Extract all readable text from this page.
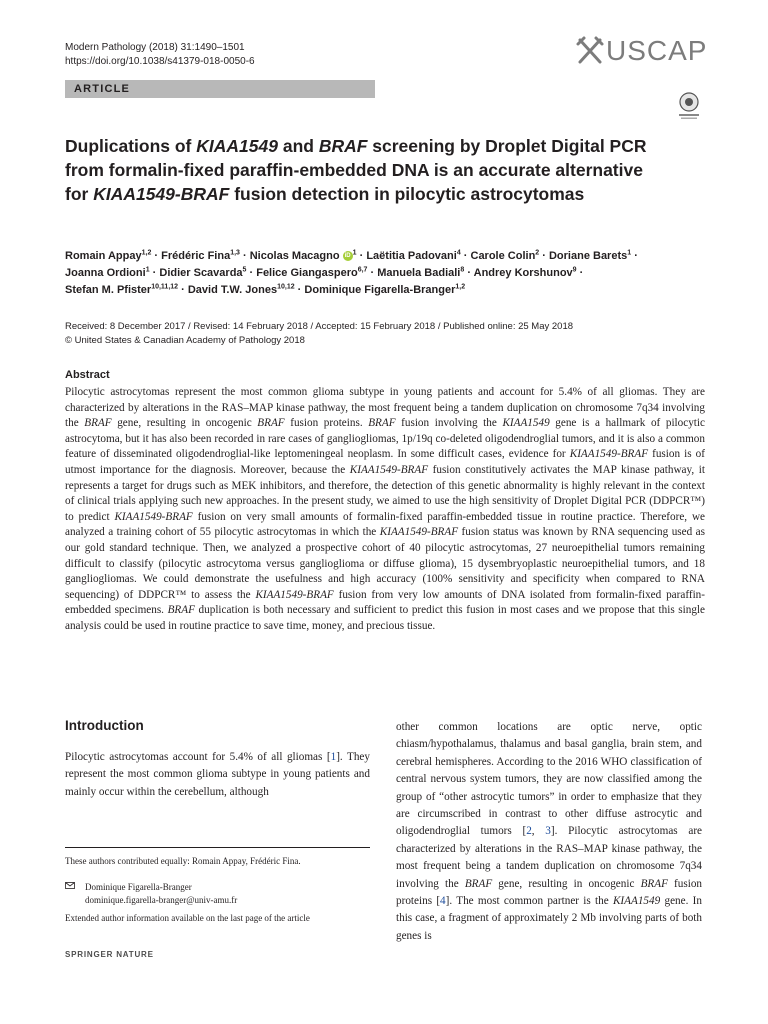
Modern Pathology (2018) 31:1490–1501
https://doi.org/10.1038/s41379-018-0050-6	USCAP
ARTICLE
Duplications of KIAA1549 and BRAF screening by Droplet Digital PCR from formalin-fixed paraffin-embedded DNA is an accurate alternative for KIAA1549-BRAF fusion detection in pilocytic astrocytomas
Romain Appay$^{1,2}$ · Frédéric Fina$^{1,3}$ · Nicolas Macagno iD $^1$ · Laëtitia Padovani$^4$ · Carole Colin$^2$ · Doriane Barets$^1$ ·
Joanna Ordioni$^1$ · Didier Scavarda$^5$ · Felice Giangaspero$^{6,7}$ · Manuela Badiali$^8$ · Andrey Korshunov$^9$ ·
Stefan M. Pfister$^{10,11,12}$ · David T.W. Jones$^{10,12}$ · Dominique Figarella-Branger$^{1,2}$
Received: 8 December 2017 / Revised: 14 February 2018 / Accepted: 15 February 2018 / Published online: 25 May 2018
© United States & Canadian Academy of Pathology 2018
Abstract

Pilocytic astrocytomas represent the most common glioma subtype in young patients and account for 5.4% of all gliomas. They are characterized by alterations in the RAS–MAP kinase pathway, the most frequent being a tandem duplication on chromosome 7q34 involving the BRAF gene, resulting in oncogenic BRAF fusion proteins. BRAF fusion involving the KIAA1549 gene is a hallmark of pilocytic astrocytoma, but it has also been recorded in rare cases of gangliogliomas, 1p/19q co-deleted oligodendroglial tumors, and it is also a common feature of disseminated oligodendroglial-like leptomeningeal neoplasm. In some difficult cases, evidence for KIAA1549-BRAF fusion is of utmost importance for the diagnosis. Moreover, because the KIAA1549-BRAF fusion constitutively activates the MAP kinase pathway, it represents a target for drugs such as MEK inhibitors, and therefore, the detection of this genetic abnormality is highly relevant in the context of clinical trials applying such new approaches. In the present study, we aimed to use the high sensitivity of Droplet Digital PCR (DDPCR™) to predict KIAA1549-BRAF fusion on very small amounts of formalin-fixed paraffin-embedded tissue in routine practice. Therefore, we analyzed a training cohort of 55 pilocytic astrocytomas in which the KIAA1549-BRAF fusion status was known by RNA sequencing used as our gold standard technique. Then, we analyzed a prospective cohort of 40 pilocytic astrocytomas, 27 neuroepithelial tumors remaining difficult to classify (pilocytic astrocytoma versus ganglioglioma or diffuse glioma), 15 dysembryoplastic neuroepithelial tumors, and 18 gangliogliomas. We could demonstrate the usefulness and high accuracy (100% sensitivity and specificity when compared to RNA sequencing) of DDPCR™ to assess the KIAA1549-BRAF fusion from very low amounts of DNA isolated from formalin-fixed paraffin-embedded specimens. BRAF duplication is both necessary and sufficient to predict this fusion in most cases and we propose that this single analysis could be used in routine practice to save time, money, and precious tissue.

Introduction

Pilocytic astrocytomas account for 5.4% of all gliomas [1]. They represent the most common glioma subtype in young patients and mainly occur within the cerebellum, although

other common locations are optic nerve, optic chiasm/hypothalamus, thalamus and basal ganglia, brain stem, and cerebral hemispheres. According to the 2016 WHO classification of central nervous system tumors, they are now classified among the group of “other astrocytic tumors” in order to emphasize that they are circumscribed in contrast to other diffuse astrocytic and oligodendroglial tumors [2, 3]. Pilocytic astrocytomas are characterized by alterations in the RAS–MAP kinase pathway, the most frequent being a tandem duplication on chromosome 7q34 involving the BRAF gene, resulting in oncogenic BRAF fusion proteins [4]. The most common partner is the KIAA1549 gene. In this case, a fragment of approximately 2 Mb involving parts of both genes is

These authors contributed equally: Romain Appay, Frédéric Fina.
Dominique Figarella-Branger
dominique.figarella-branger@univ-amu.fr
Extended author information available on the last page of the article
SPRINGER NATURE
